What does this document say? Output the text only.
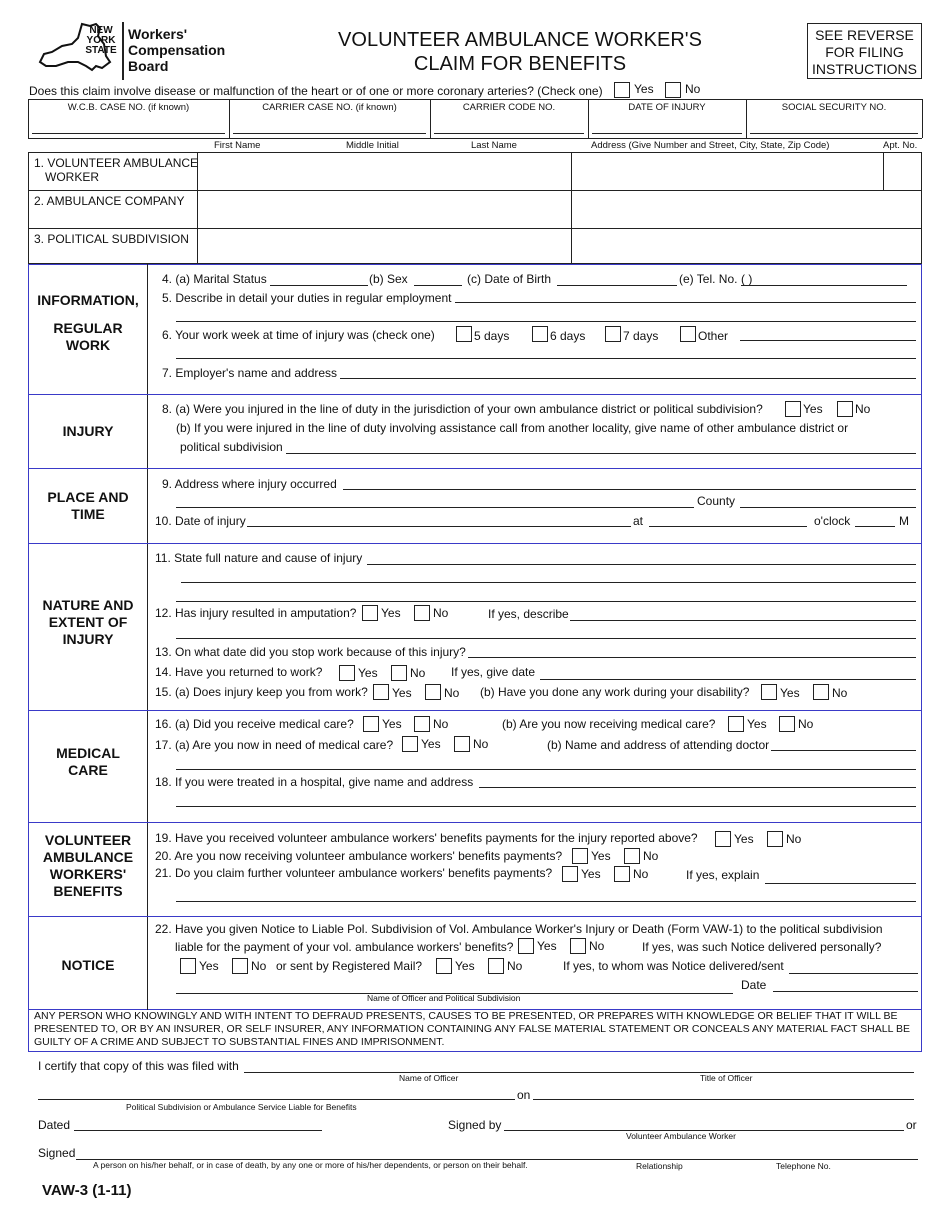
NEW YORK STATE
Workers'
Compensation
Board
VOLUNTEER AMBULANCE WORKER'S
CLAIM FOR BENEFITS
SEE REVERSE
FOR FILING
INSTRUCTIONS
Does this claim involve disease or malfunction of the heart or of one or more coronary arteries? (Check one)	Yes	No
W.C.B. CASE NO. (if known)	CARRIER CASE NO. (if known)	CARRIER CODE NO.	DATE OF INJURY	SOCIAL SECURITY NO.
First Name	Middle Initial	Last Name	Address (Give Number and Street, City, State, Zip Code)	Apt. No.
1. VOLUNTEER AMBULANCE
WORKER
2. AMBULANCE COMPANY
3. POLITICAL SUBDIVISION
INFORMATION,
REGULAR
WORK
INJURY
PLACE AND
TIME
NATURE AND
EXTENT OF
INJURY
MEDICAL
CARE
VOLUNTEER
AMBULANCE
WORKERS'
BENEFITS
NOTICE
4. (a) Marital Status	(b) Sex	(c) Date of Birth	(e) Tel. No. ( )
5. Describe in detail your duties in regular employment
6. Your work week at time of injury was (check one)	5 days	6 days	7 days	Other
7. Employer's name and address
8. (a) Were you injured in the line of duty in the jurisdiction of your own ambulance district or political subdivision?	Yes	No
(b) If you were injured in the line of duty involving assistance call from another locality, give name of other ambulance district or
political subdivision
9. Address where injury occurred
County
10. Date of injury	at	o'clock	M
11. State full nature and cause of injury
12. Has injury resulted in amputation? Yes	No	If yes, describe
13. On what date did you stop work because of this injury?
14. Have you returned to work?	Yes	No If yes, give date
15. (a) Does injury keep you from work? Yes	No (b) Have you done any work during your disability?	Yes	No
16. (a) Did you receive medical care? Yes	No	(b) Are you now receiving medical care?	Yes	No
17. (a) Are you now in need of medical care? Yes	No	(b) Name and address of attending doctor
18. If you were treated in a hospital, give name and address
19. Have you received volunteer ambulance workers' benefits payments for the injury reported above?	Yes	No
20. Are you now receiving volunteer ambulance workers' benefits payments? Yes	No
21. Do you claim further volunteer ambulance workers' benefits payments? Yes	No	If yes, explain
22. Have you given Notice to Liable Pol. Subdivision of Vol. Ambulance Worker's Injury or Death (Form VAW-1) to the political subdivision
liable for the payment of your vol. ambulance workers' benefits? Yes	No	If yes, was such Notice delivered personally?
Yes	No or sent by Registered Mail?	Yes	No	If yes, to whom was Notice delivered/sent
Date
Name of Officer and Political Subdivision
ANY PERSON WHO KNOWINGLY AND WITH INTENT TO DEFRAUD PRESENTS, CAUSES TO BE PRESENTED, OR PREPARES WITH KNOWLEDGE OR BELIEF THAT IT WILL BE PRESENTED TO, OR BY AN INSURER, OR SELF INSURER, ANY INFORMATION CONTAINING ANY FALSE MATERIAL STATEMENT OR CONCEALS ANY MATERIAL FACT SHALL BE GUILTY OF A CRIME AND SUBJECT TO SUBSTANTIAL FINES AND IMPRISONMENT.
I certify that copy of this was filed with
Name of Officer	Title of Officer
on
Political Subdivision or Ambulance Service Liable for Benefits
Dated	Signed by	or
Volunteer Ambulance Worker
Signed
A person on his/her behalf, or in case of death, by any one or more of his/her dependents, or person on their behalf.	Relationship	Telephone No.
VAW-3 (1-11)
